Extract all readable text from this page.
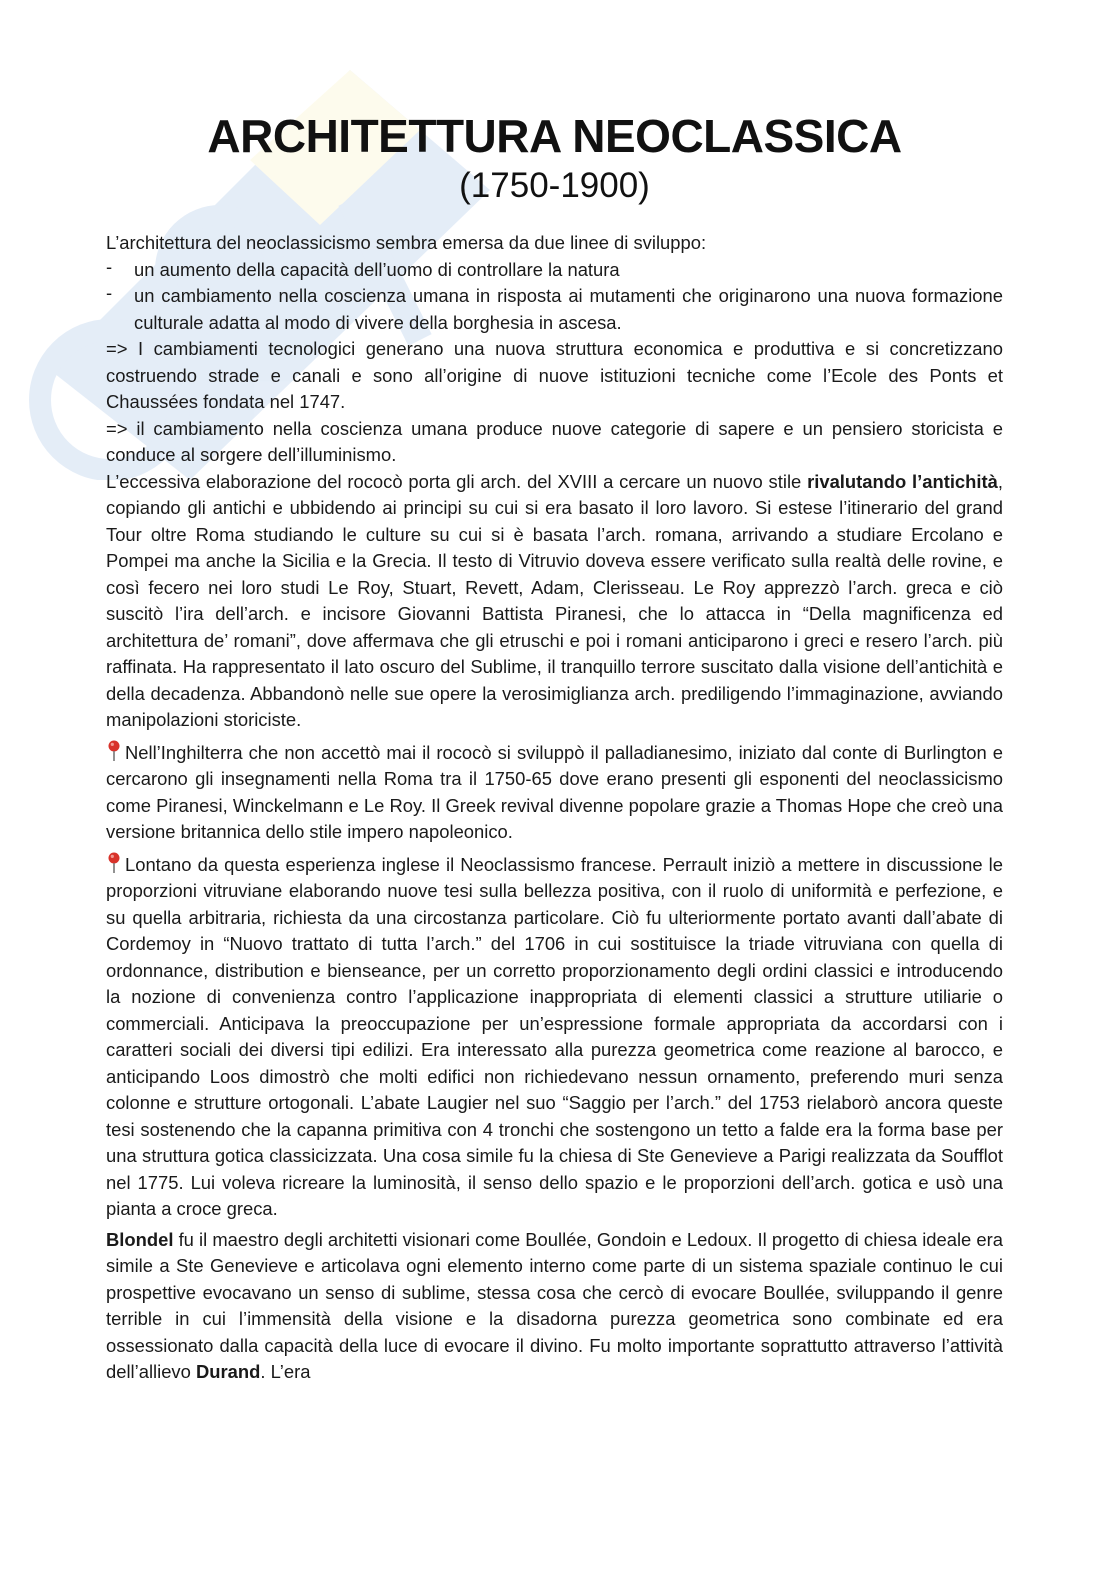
ARCHITETTURA NEOCLASSICA
(1750-1900)

L’architettura del neoclassicismo sembra emersa da due linee di sviluppo:

- un aumento della capacità dell’uomo di controllare la natura
- un cambiamento nella coscienza umana in risposta ai mutamenti che originarono una nuova formazione culturale adatta al modo di vivere della borghesia in ascesa.

=> I cambiamenti tecnologici generano una nuova struttura economica e produttiva e si concretizzano costruendo strade e canali e sono all’origine di nuove istituzioni tecniche come l’Ecole des Ponts et Chaussées fondata nel 1747.

=> il cambiamento nella coscienza umana produce nuove categorie di sapere e un pensiero storicista e conduce al sorgere dell’illuminismo.

L’eccessiva elaborazione del rococò porta gli arch. del XVIII a cercare un nuovo stile rivalutando l’antichità, copiando gli antichi e ubbidendo ai principi su cui si era basato il loro lavoro. Si estese l’itinerario del grand Tour oltre Roma studiando le culture su cui si è basata l’arch. romana, arrivando a studiare Ercolano e Pompei ma anche la Sicilia e la Grecia. Il testo di Vitruvio doveva essere verificato sulla realtà delle rovine, e così fecero nei loro studi Le Roy, Stuart, Revett, Adam, Clerisseau. Le Roy apprezzò l’arch. greca e ciò suscitò l’ira dell’arch. e incisore Giovanni Battista Piranesi, che lo attacca in “Della magnificenza ed architettura de’ romani”, dove affermava che gli etruschi e poi i romani anticiparono i greci e resero l’arch. più raffinata. Ha rappresentato il lato oscuro del Sublime, il tranquillo terrore suscitato dalla visione dell’antichità e della decadenza. Abbandonò nelle sue opere la verosimiglianza arch. prediligendo l’immaginazione, avviando manipolazioni storiciste.

Nell’Inghilterra che non accettò mai il rococò si sviluppò il palladianesimo, iniziato dal conte di Burlington e cercarono gli insegnamenti nella Roma tra il 1750-65 dove erano presenti gli esponenti del neoclassicismo come Piranesi, Winckelmann e Le Roy. Il Greek revival divenne popolare grazie a Thomas Hope che creò una versione britannica dello stile impero napoleonico.

Lontano da questa esperienza inglese il Neoclassismo francese. Perrault iniziò a mettere in discussione le proporzioni vitruviane elaborando nuove tesi sulla bellezza positiva, con il ruolo di uniformità e perfezione, e su quella arbitraria, richiesta da una circostanza particolare. Ciò fu ulteriormente portato avanti dall’abate di Cordemoy in “Nuovo trattato di tutta l’arch.” del 1706 in cui sostituisce la triade vitruviana con quella di ordonnance, distribution e bienseance, per un corretto proporzionamento degli ordini classici e introducendo la nozione di convenienza contro l’applicazione inappropriata di elementi classici a strutture utiliarie o commerciali. Anticipava la preoccupazione per un’espressione formale appropriata da accordarsi con i caratteri sociali dei diversi tipi edilizi. Era interessato alla purezza geometrica come reazione al barocco, e anticipando Loos dimostrò che molti edifici non richiedevano nessun ornamento, preferendo muri senza colonne e strutture ortogonali. L’abate Laugier nel suo “Saggio per l’arch.” del 1753 rielaborò ancora queste tesi sostenendo che la capanna primitiva con 4 tronchi che sostengono un tetto a falde era la forma base per una struttura gotica classicizzata. Una cosa simile fu la chiesa di Ste Genevieve a Parigi realizzata da Soufflot nel 1775. Lui voleva ricreare la luminosità, il senso dello spazio e le proporzioni dell’arch. gotica e usò una pianta a croce greca.

Blondel fu il maestro degli architetti visionari come Boullée, Gondoin e Ledoux. Il progetto di chiesa ideale era simile a Ste Genevieve e articolava ogni elemento interno come parte di un sistema spaziale continuo le cui prospettive evocavano un senso di sublime, stessa cosa che cercò di evocare Boullée, sviluppando il genre terrible in cui l’immensità della visione e la disadorna purezza geometrica sono combinate ed era ossessionato dalla capacità della luce di evocare il divino. Fu molto importante soprattutto attraverso l’attività dell’allievo Durand. L’era
